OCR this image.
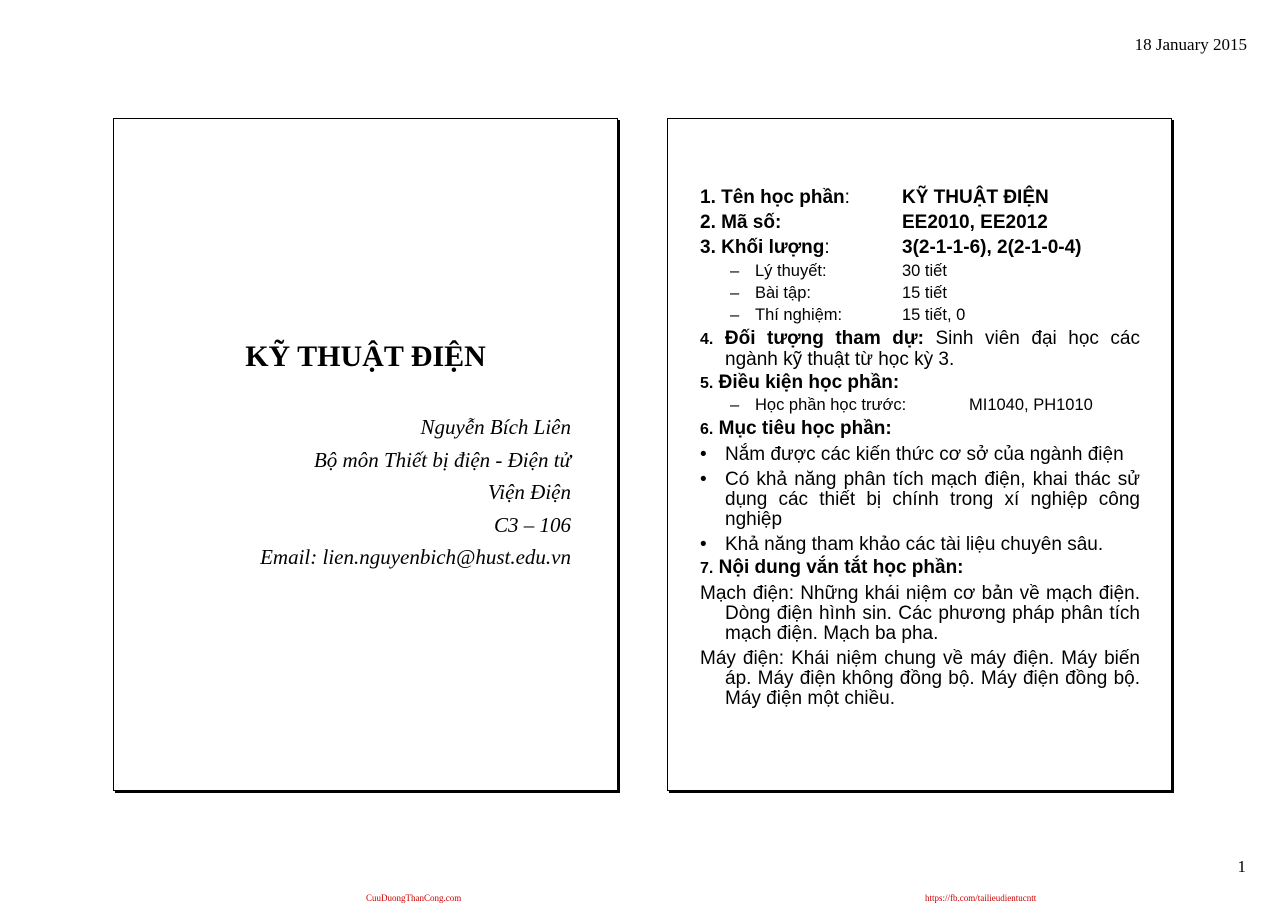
18 January 2015
KỸ THUẬT ĐIỆN
Nguyễn Bích Liên
Bộ môn Thiết bị điện - Điện tử
Viện Điện
C3 – 106
Email: lien.nguyenbich@hust.edu.vn
1. Tên học phần:	KỸ THUẬT ĐIỆN
2. Mã số:	EE2010, EE2012
3. Khối lượng:	3(2-1-1-6), 2(2-1-0-4)
– Lý thuyết:	30 tiết
– Bài tập:	15 tiết
– Thí nghiệm:	15 tiết, 0
4. Đối tượng tham dự: Sinh viên đại học các ngành kỹ thuật từ học kỳ 3.
5. Điều kiện học phần:
– Học phần học trước:	MI1040, PH1010
6. Mục tiêu học phần:
• Nắm được các kiến thức cơ sở của ngành điện
• Có khả năng phân tích mạch điện, khai thác sử dụng các thiết bị chính trong xí nghiệp công nghiệp
• Khả năng tham khảo các tài liệu chuyên sâu.
7. Nội dung vắn tắt học phần:
Mạch điện: Những khái niệm cơ bản về mạch điện. Dòng điện hình sin. Các phương pháp phân tích mạch điện. Mạch ba pha.
Máy điện: Khái niệm chung về máy điện. Máy biến áp. Máy điện không đồng bộ. Máy điện đồng bộ. Máy điện một chiều.
1
CuuDuongThanCong.com	https://fb.com/tailieudientucntt
